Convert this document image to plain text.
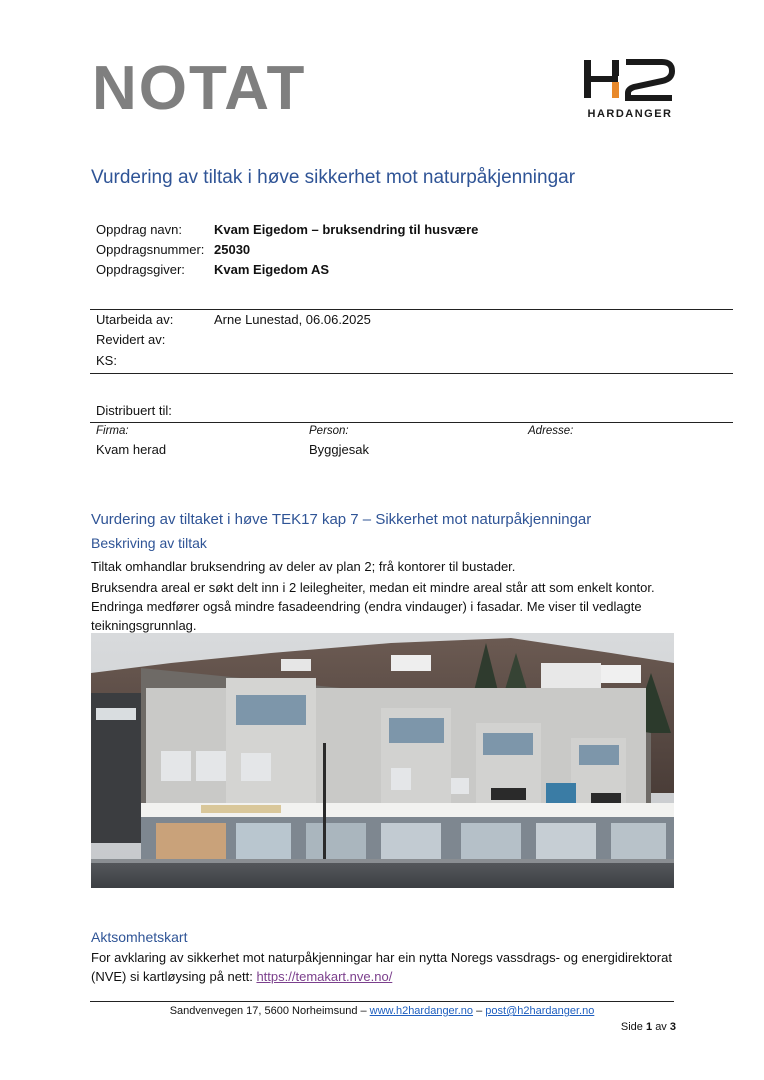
NOTAT	HARDANGER
Vurdering av tiltak i høve sikkerhet mot naturpåkjenningar
Oppdrag navn: Kvam Eigedom – bruksendring til husvære
Oppdragsnummer: 25030
Oppdragsgiver: Kvam Eigedom AS
Utarbeida av:	Arne Lunestad, 06.06.2025
Revidert av:
KS:
Distribuert til:
Firma:	Person:	Adresse:
Kvam herad	Byggjesak
Vurdering av tiltaket i høve TEK17 kap 7 – Sikkerhet mot naturpåkjenningar
Beskriving av tiltak
Tiltak omhandlar bruksendring av deler av plan 2; frå kontorer til bustader.
Bruksendra areal er søkt delt inn i 2 leilegheiter, medan eit mindre areal står att som enkelt kontor. Endringa medfører også mindre fasadeendring (endra vindauger) i fasadar. Me viser til vedlagte teikningsgrunnlag.
Aktsomhetskart
For avklaring av sikkerhet mot naturpåkjenningar har ein nytta Noregs vassdrags- og energidirektorat (NVE) si kartløysing på nett: https://temakart.nve.no/
Sandvenvegen 17, 5600 Norheimsund – www.h2hardanger.no – post@h2hardanger.no
Side 1 av 3
